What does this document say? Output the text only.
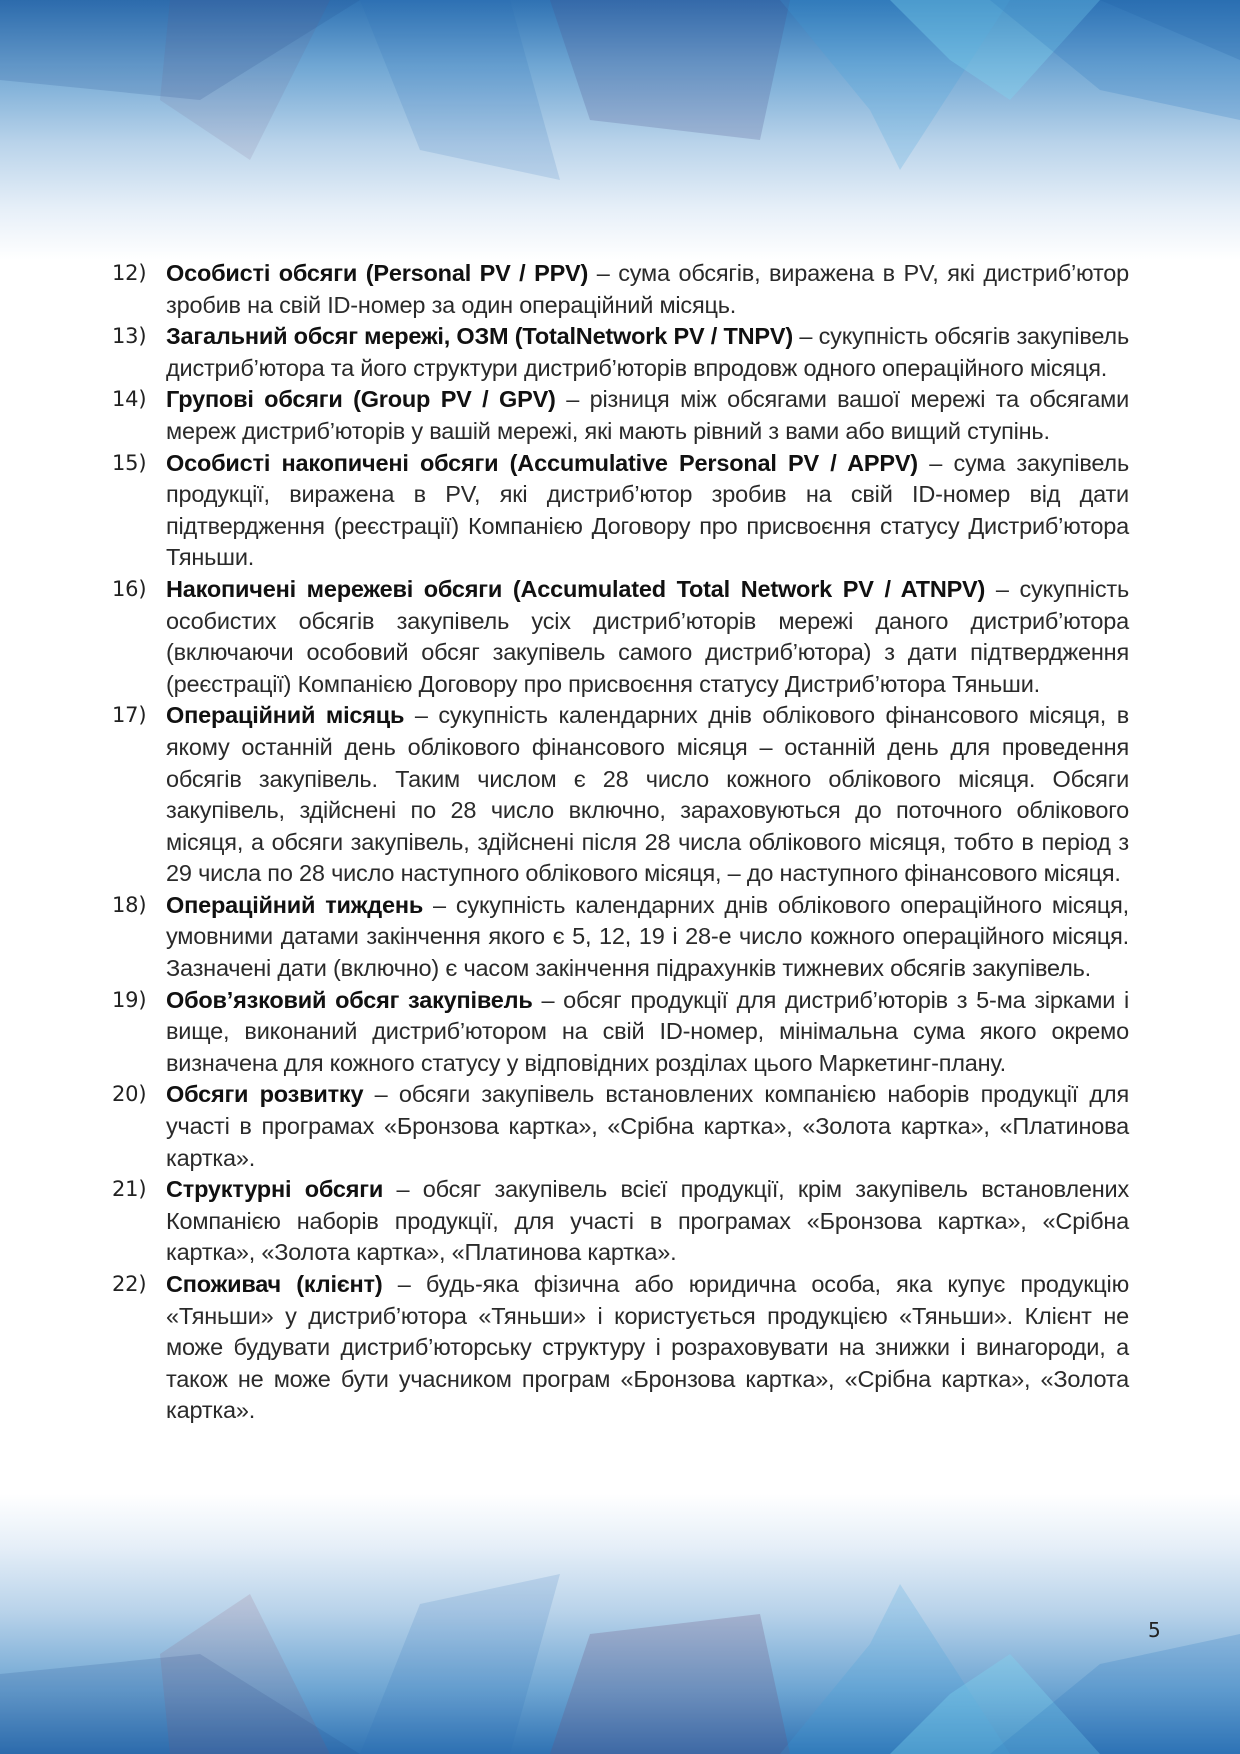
12) Особисті обсяги (Personal PV / PPV) – сума обсягів, виражена в PV, які дистриб’ютор зробив на свій ID-номер за один операційний місяць.

13) Загальний обсяг мережі, ОЗМ (TotalNetwork PV / TNPV) – сукупність обсягів закупівель дистриб’ютора та його структури дистриб’юторів впродовж одного операційного місяця.

14) Групові обсяги (Group PV / GPV) – різниця між обсягами вашої мережі та обсягами мереж дистриб’юторів у вашій мережі, які мають рівний з вами або вищий ступінь.

15) Особисті накопичені обсяги (Accumulative Personal PV / APPV) – сума закупівель продукції, виражена в PV, які дистриб’ютор зробив на свій ID-номер від дати підтвердження (реєстрації) Компанією Договору про присвоєння статусу Дистриб’ютора Тяньши.

16) Накопичені мережеві обсяги (Accumulated Total Network PV / ATNPV) – сукупність особистих обсягів закупівель усіх дистриб’юторів мережі даного дистриб’ютора (включаючи особовий обсяг закупівель самого дистриб’ютора) з дати підтвердження (реєстрації) Компанією Договору про присвоєння статусу Дистриб’ютора Тяньши.

17) Операційний місяць – сукупність календарних днів облікового фінансового місяця, в якому останній день облікового фінансового місяця – останній день для проведення обсягів закупівель. Таким числом є 28 число кожного облікового місяця. Обсяги закупівель, здійснені по 28 число включно, зараховуються до поточного облікового місяця, а обсяги закупівель, здійснені після 28 числа облікового місяця, тобто в період з 29 числа по 28 число наступного облікового місяця, – до наступного фінансового місяця.

18) Операційний тиждень – сукупність календарних днів облікового операційного місяця, умовними датами закінчення якого є 5, 12, 19 і 28-е число кожного операційного місяця. Зазначені дати (включно) є часом закінчення підрахунків тижневих обсягів закупівель.

19) Обов’язковий обсяг закупівель – обсяг продукції для дистриб’юторів з 5-ма зірками і вище, виконаний дистриб’ютором на свій ID-номер, мінімальна сума якого окремо визначена для кожного статусу у відповідних розділах цього Маркетинг-плану.

20) Обсяги розвитку – обсяги закупівель встановлених компанією наборів продукції для участі в програмах «Бронзова картка», «Срібна картка», «Золота картка», «Платинова картка».

21) Структурні обсяги – обсяг закупівель всієї продукції, крім закупівель встановлених Компанією наборів продукції, для участі в програмах «Бронзова картка», «Срібна картка», «Золота картка», «Платинова картка».

22) Споживач (клієнт) – будь-яка фізична або юридична особа, яка купує продукцію «Тяньши» у дистриб’ютора «Тяньши» і користується продукцією «Тяньши». Клієнт не може будувати дистриб’юторську структуру і розраховувати на знижки і винагороди, а також не може бути учасником програм «Бронзова картка», «Срібна картка», «Золота картка».

5
